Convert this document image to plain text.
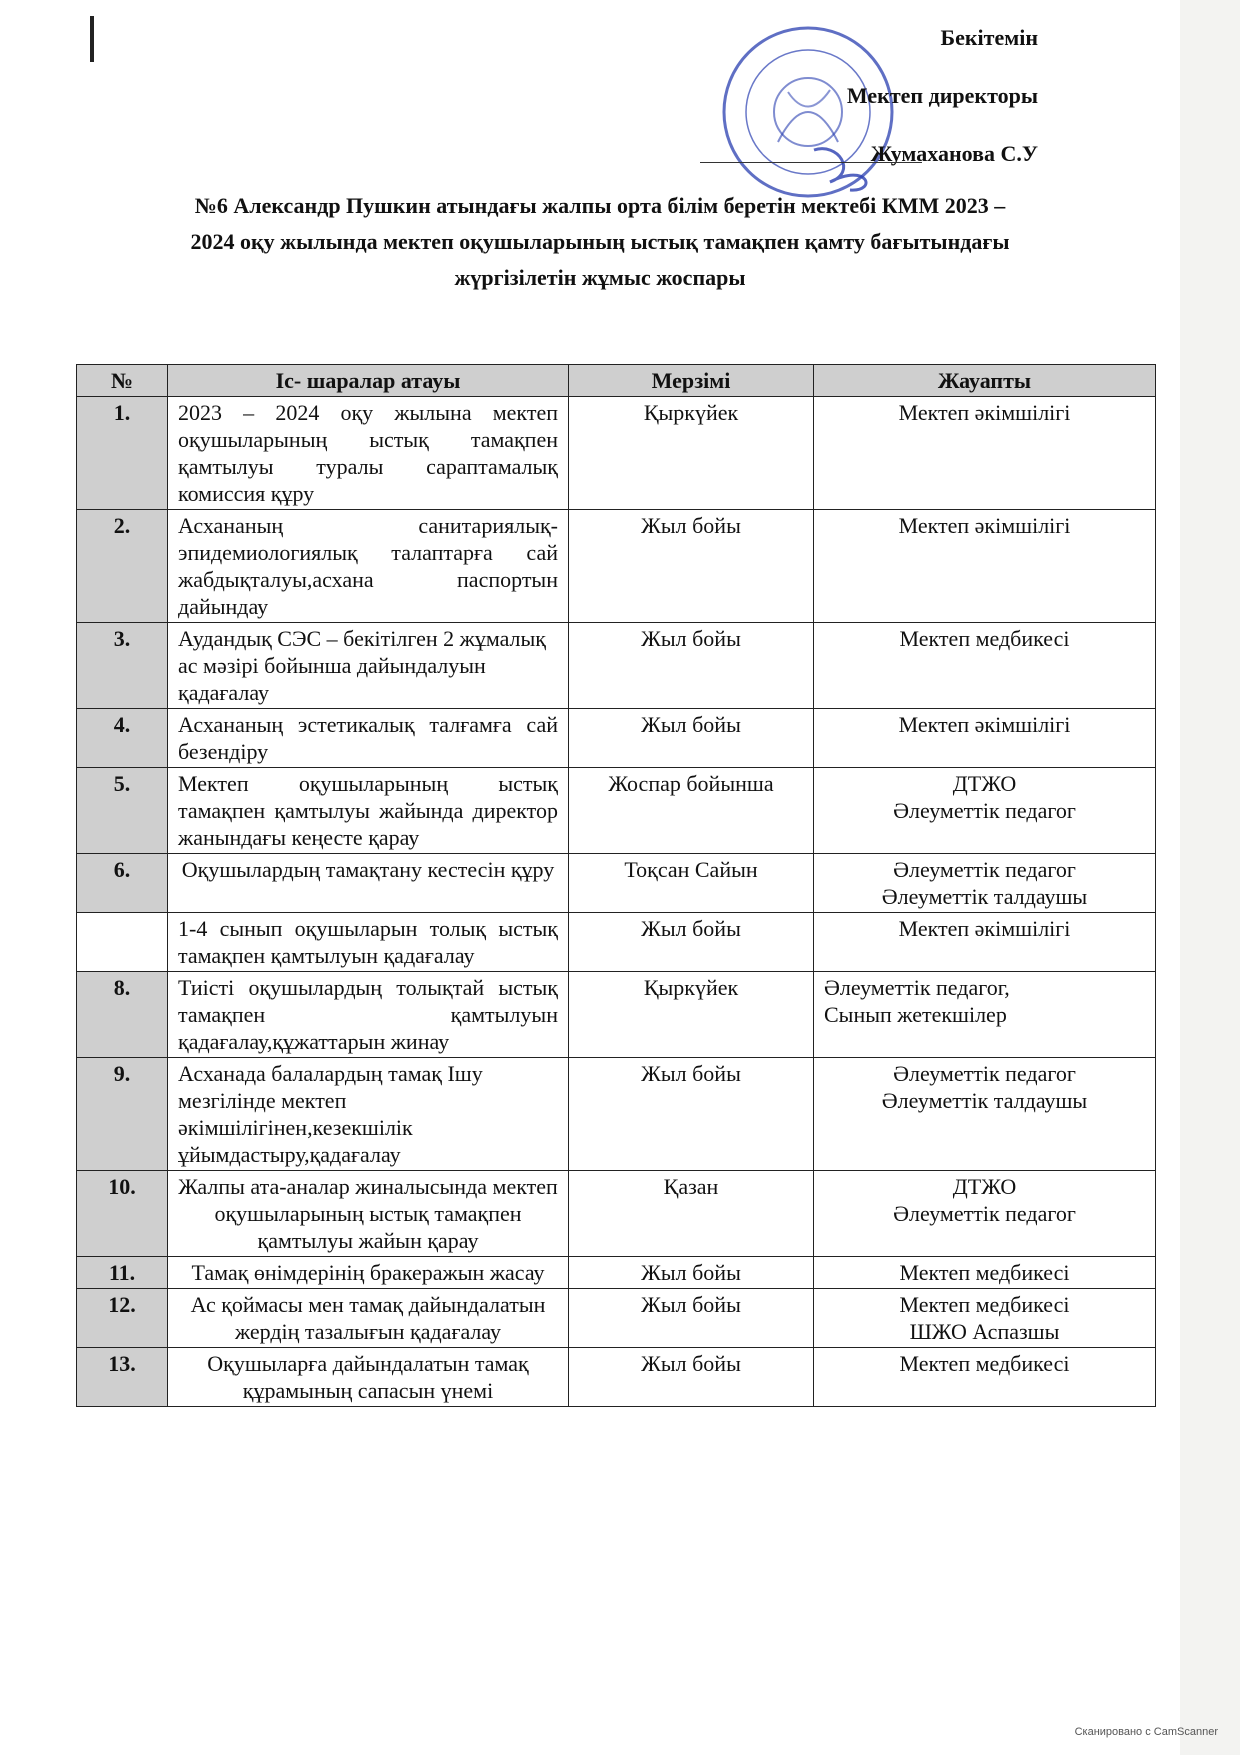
Бекітемін
Мектеп директоры
Жумаханова С.У
№6 Александр Пушкин атындағы жалпы орта білім беретін мектебі КММ 2023 –
2024 оқу жылында мектеп оқушыларының ыстық тамақпен қамту бағытындағы
жүргізілетін жұмыс жоспары
№	Іс- шаралар атауы	Мерзімі	Жауапты
1.	2023 – 2024 оқу жылына мектеп оқушыларының ыстық тамақпен қамтылуы туралы сараптамалық комиссия құру	Қыркүйек	Мектеп әкімшілігі

2.	Асхананың санитариялық-эпидемиологиялық талаптарға сай жабдықталуы,асхана паспортын дайындау	Жыл бойы	Мектеп әкімшілігі

3.	Аудандық СЭС – бекітілген 2 жұмалық ас мәзірі бойынша дайындалуын қадағалау	Жыл бойы	Мектеп медбикесі

4.	Асхананың эстетикалық талғамға сай безендіру	Жыл бойы	Мектеп әкімшілігі

5.	Мектеп оқушыларының ыстық тамақпен қамтылуы жайында директор жанындағы кеңесте қарау	Жоспар бойынша	ДТЖО
Әлеуметтік педагог

6.	Оқушылардың тамақтану кестесін құру	Тоқсан Сайын	Әлеуметтік педагог
Әлеуметтік талдаушы

	1-4 сынып оқушыларын толық ыстық тамақпен қамтылуын қадағалау	Жыл бойы	Мектеп әкімшілігі

8.	Тиісті оқушылардың толықтай ыстық тамақпен қамтылуын қадағалау,құжаттарын жинау	Қыркүйек	Әлеуметтік педагог,
Сынып жетекшілер

9.	Асханада балалардың тамақ Ішу мезгілінде мектеп әкімшілігінен,кезекшілік ұйымдастыру,қадағалау	Жыл бойы	Әлеуметтік педагог
Әлеуметтік талдаушы

10.	Жалпы ата-аналар жиналысында мектеп оқушыларының ыстық тамақпен қамтылуы жайын қарау	Қазан	ДТЖО
Әлеуметтік педагог

11.	Тамақ өнімдерінің бракеражын жасау	Жыл бойы	Мектеп медбикесі

12.	Ас қоймасы мен тамақ дайындалатын жердің тазалығын қадағалау	Жыл бойы	Мектеп медбикесі
ШЖО Аспазшы

13.	Оқушыларға дайындалатын тамақ құрамының сапасын үнемі	Жыл бойы	Мектеп медбикесі
Сканировано с CamScanner
